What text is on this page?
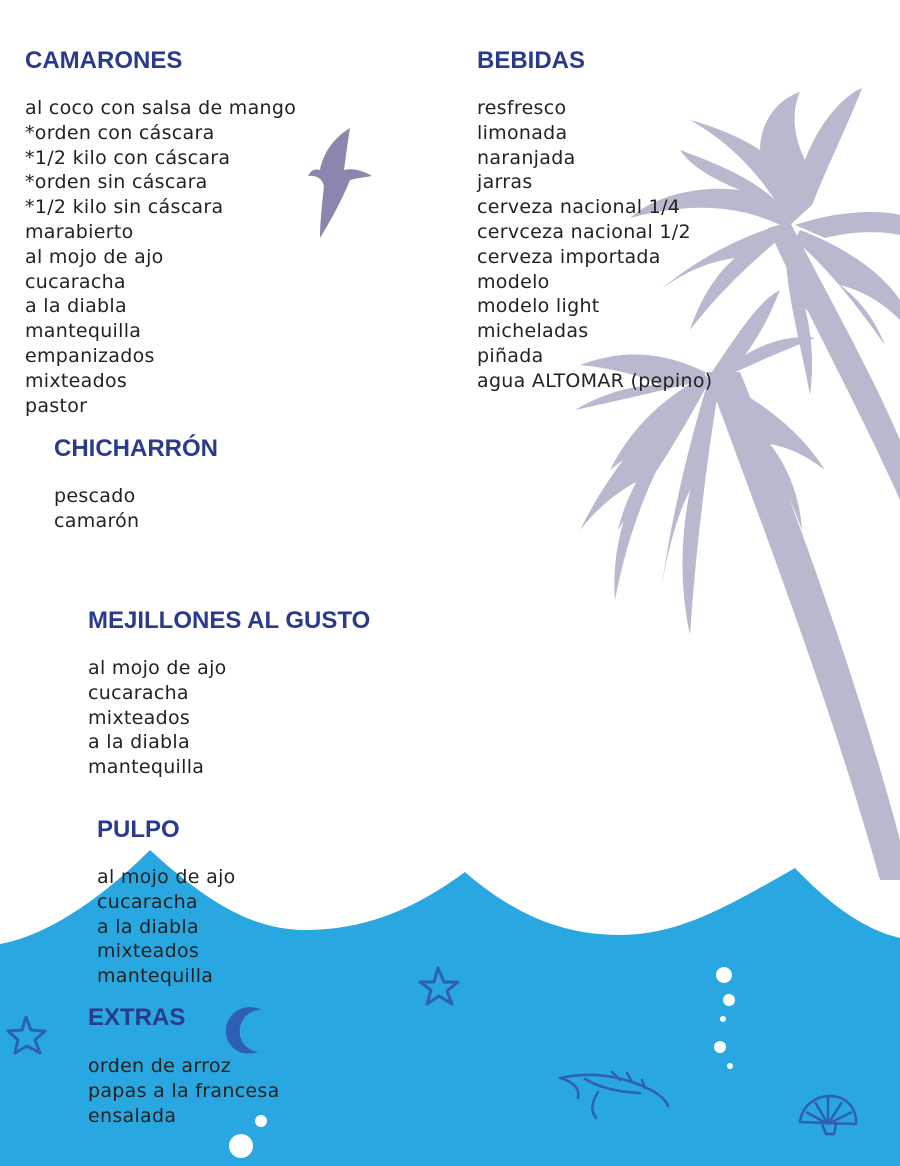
CAMARONES
al coco con salsa de mango
*orden con cáscara
*1/2 kilo con cáscara
*orden sin cáscara
*1/2 kilo sin cáscara
marabierto
al mojo de ajo
cucaracha
a la diabla
mantequilla
empanizados
mixteados
pastor
BEBIDAS
resfresco
limonada
naranjada
jarras
cerveza nacional 1/4
cervceza nacional 1/2
cerveza importada
modelo
modelo light
micheladas
piñada
agua ALTOMAR (pepino)
CHICHARRÓN
pescado
camarón
MEJILLONES AL GUSTO
al mojo de ajo
cucaracha
mixteados
a la diabla
mantequilla
PULPO
al mojo de ajo
cucaracha
a la diabla
mixteados
mantequilla
EXTRAS
orden de arroz
papas a la francesa
ensalada
